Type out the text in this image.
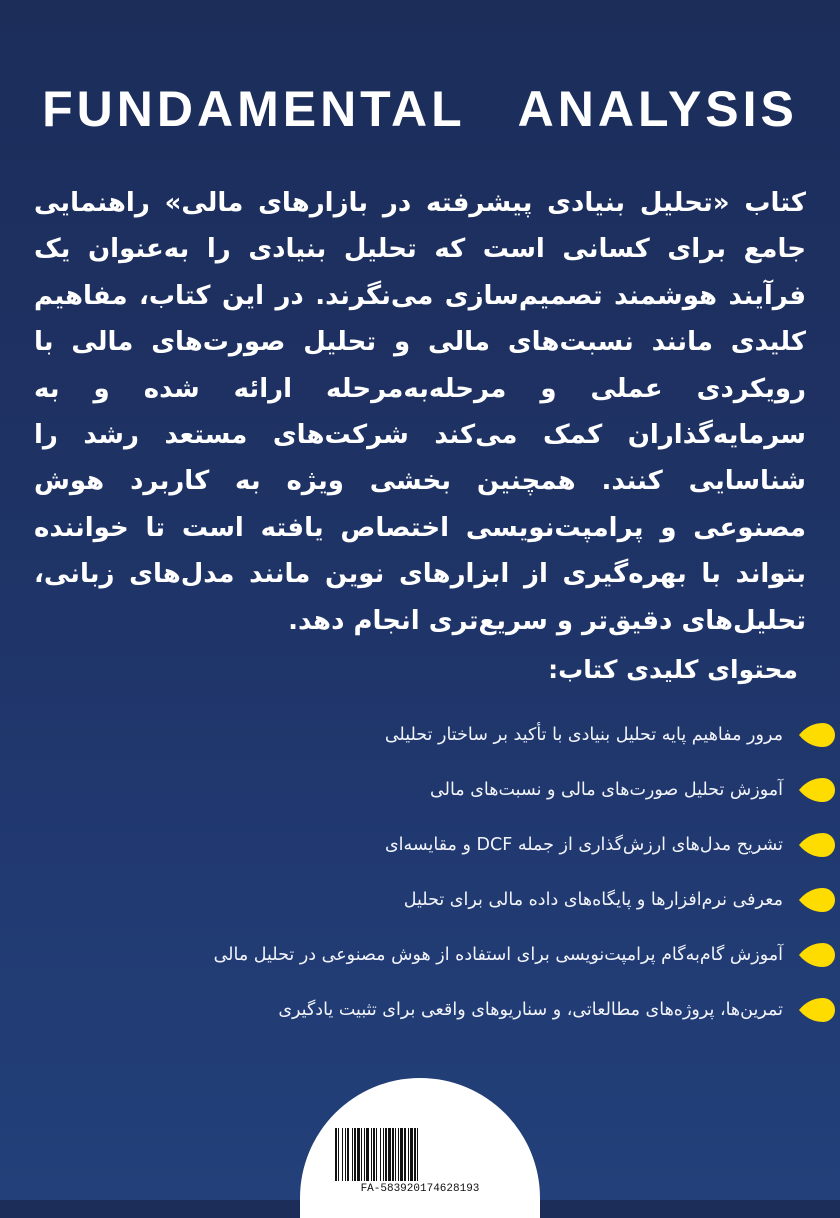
FUNDAMENTAL ANALYSIS
کتاب «تحلیل بنیادی پیشرفته در بازارهای مالی» راهنمایی جامع برای کسانی است که تحلیل بنیادی را به‌عنوان یک فرآیند هوشمند تصمیم‌سازی می‌نگرند. در این کتاب، مفاهیم کلیدی مانند نسبت‌های مالی و تحلیل صورت‌های مالی با رویکردی عملی و مرحله‌به‌مرحله ارائه شده و به سرمایه‌گذاران کمک می‌کند شرکت‌های مستعد رشد را شناسایی کنند. همچنین بخشی ویژه به کاربرد هوش مصنوعی و پرامپت‌نویسی اختصاص یافته است تا خواننده بتواند با بهره‌گیری از ابزارهای نوین مانند مدل‌های زبانی، تحلیل‌های دقیق‌تر و سریع‌تری انجام دهد.
محتوای کلیدی کتاب:
مرور مفاهیم پایه تحلیل بنیادی با تأکید بر ساختار تحلیلی
آموزش تحلیل صورت‌های مالی و نسبت‌های مالی
تشریح مدل‌های ارزش‌گذاری از جمله DCF و مقایسه‌ای
معرفی نرم‌افزارها و پایگاه‌های داده مالی برای تحلیل
آموزش گام‌به‌گام پرامپت‌نویسی برای استفاده از هوش مصنوعی در تحلیل مالی
تمرین‌ها، پروژه‌های مطالعاتی، و سناریوهای واقعی برای تثبیت یادگیری
FA-583920174628193
